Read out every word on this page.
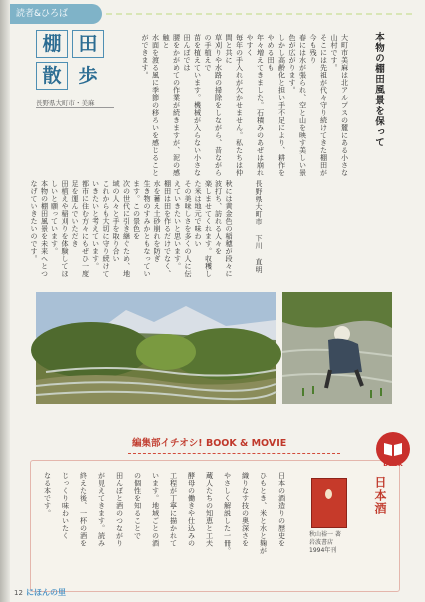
読者&ひろば
棚 田
散 歩
長野県大町市・美麻	本物の棚田風景を保って
長野県大町市 下川 直明
大町市美麻は北アルプスの麓にある小さな山村です。
そこには先祖が代々守り続けてきた棚田が今も残り
春には水が張られ、空と山を映す美しい景色が広がります。
しかし高齢化と担い手不足により、耕作をやめる田も
年々増えてきました。石積みのあぜは崩れやすく
毎年の手入れが欠かせません。私たちは仲間と共に
草刈りや水路の掃除をしながら、昔ながらの手植えで
苗を植えています。機械が入らない小さな田んぼでは
腰をかがめての作業が続きますが、泥の感触と
水面を渡る風に季節の移ろいを感じることができます。
秋には黄金色の稲穂が段々に波打ち、訪れる人々を
楽しませてくれます。収穫した米は地元で味わい
その美味しさを多くの人に伝えていきたいと思います。
棚田は田を作るだけでなく、水を蓄え土砂崩れを防ぎ
生き物のすみかともなっています。この景色を
次の世代に引き継ぐため、地域の人々と手を取り合い
これからも大切に守り続けていきたいと考えています。
都市に住む方々にもぜひ一度足を運んでいただき
田植えや稲刈りを体験してほしいと願っています。
本物の棚田風景を未来へとつなげていきたいのです。
編集部イチオシ! BOOK & MOVIE
BOOK
日本酒
秋山裕一 著
岩波書店
1994年刊
日本の酒造りの歴史を
ひもとき、米と水と麹が
織りなす技の奥深さを
やさしく解説した一冊。
蔵人たちの知恵と工夫
酵母の働きや仕込みの
工程が丁寧に描かれて
います。地域ごとの酒
の個性を知ることで
田んぼと酒のつながり
が見えてきます。読み
終えた後、一杯の酒を
じっくり味わいたく
なる本です。
12 にほんの里
